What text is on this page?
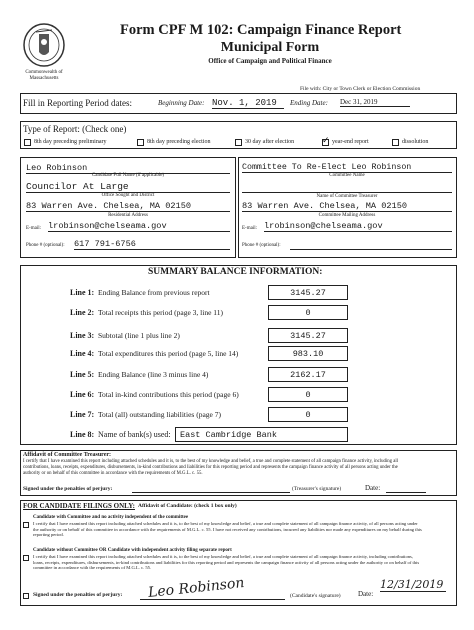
Commonwealth of Massachusetts
Form CPF M 102: Campaign Finance Report
Municipal Form
Office of Campaign and Political Finance
File with: City or Town Clerk or Election Commission
Fill in Reporting Period dates:	Beginning Date: Nov. 1, 2019	Ending Date: Dec 31, 2019
Type of Report: (Check one)
8th day preceding preliminary	8th day preceding election	30 day after election ✓	year-end report	dissolution
Leo Robinson
Candidate Full Name (if applicable)
Councilor At Large
Office Sought and District
83 Warren Ave. Chelsea, MA 02150
Residential Address
E-mail: lrobinson@chelseama.gov
Phone # (optional): 617 791-6756
Committee To Re-Elect Leo Robinson
Committee Name
Name of Committee Treasurer
83 Warren Ave. Chelsea, MA 02150
Committee Mailing Address
E-mail: lrobinson@chelseama.gov
Phone # (optional):
SUMMARY BALANCE INFORMATION:
Line 1: Ending Balance from previous report	3145.27
Line 2: Total receipts this period (page 3, line 11)	0
Line 3: Subtotal (line 1 plus line 2)	3145.27
Line 4: Total expenditures this period (page 5, line 14)	983.10
Line 5: Ending Balance (line 3 minus line 4)	2162.17
Line 6: Total in-kind contributions this period (page 6)	0
Line 7: Total (all) outstanding liabilities (page 7)	0
Line 8: Name of bank(s) used:	East Cambridge Bank
Affidavit of Committee Treasurer:
I certify that I have examined this report including attached schedules and it is, to the best of my knowledge and belief, a true and complete statement of all campaign finance activity, including all contributions, loans, receipts, expenditures, disbursements, in-kind contributions and liabilities for this reporting period and represents the campaign finance activity of all persons acting under the authority or on behalf of this committee in accordance with the requirements of M.G.L. c. 55.
Signed under the penalties of perjury:	(Treasurer's signature)	Date:
FOR CANDIDATE FILINGS ONLY: Affidavit of Candidate: (check 1 box only)
Candidate with Committee and no activity independent of the committee
I certify that I have examined this report including attached schedules and it is, to the best of my knowledge and belief, a true and complete statement of all campaign finance activity, of all persons acting under the authority or on behalf of this committee in accordance with the requirements of M.G.L. c. 55. I have not received any contributions, incurred any liabilities nor made any expenditures on my behalf during this reporting period.
Candidate without Committee OR Candidate with independent activity filing separate report
I certify that I have examined this report including attached schedules and it is, to the best of my knowledge and belief, a true and complete statement of all campaign finance activity, including contributions, loans, receipts, expenditures, disbursements, in-kind contributions and liabilities for this reporting period and represents the campaign finance activity of all persons acting under the authority or on behalf of this committee in accordance with the requirements of M.G.L. c. 55.
Signed under the penalties of perjury: Leo Robinson	(Candidate's signature) Date:
12/31/2019
